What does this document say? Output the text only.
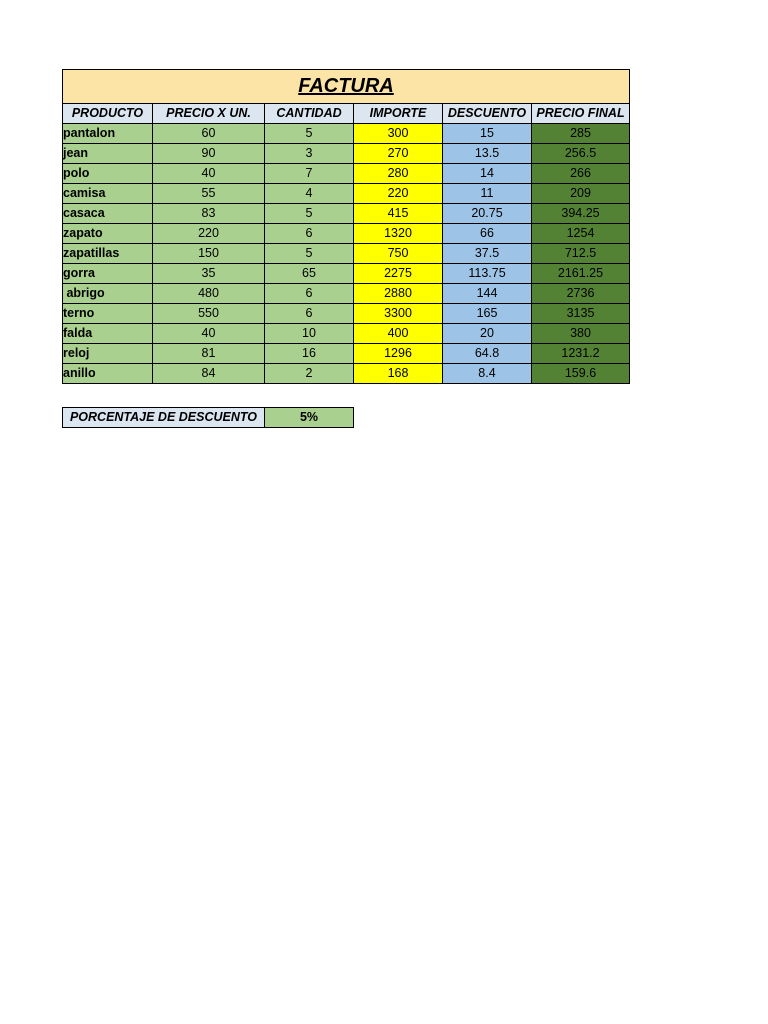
FACTURA					
PRODUCTO	PRECIO X UN.	CANTIDAD	IMPORTE	DESCUENTO	PRECIO FINAL
pantalon	60	5	300	15	285
jean	90	3	270	13.5	256.5
polo	40	7	280	14	266
camisa	55	4	220	11	209
casaca	83	5	415	20.75	394.25
zapato	220	6	1320	66	1254
zapatillas	150	5	750	37.5	712.5
gorra	35	65	2275	113.75	2161.25
abrigo	480	6	2880	144	2736
terno	550	6	3300	165	3135
falda	40	10	400	20	380
reloj	81	16	1296	64.8	1231.2
anillo	84	2	168	8.4	159.6
PORCENTAJE DE DESCUENTO	5%
